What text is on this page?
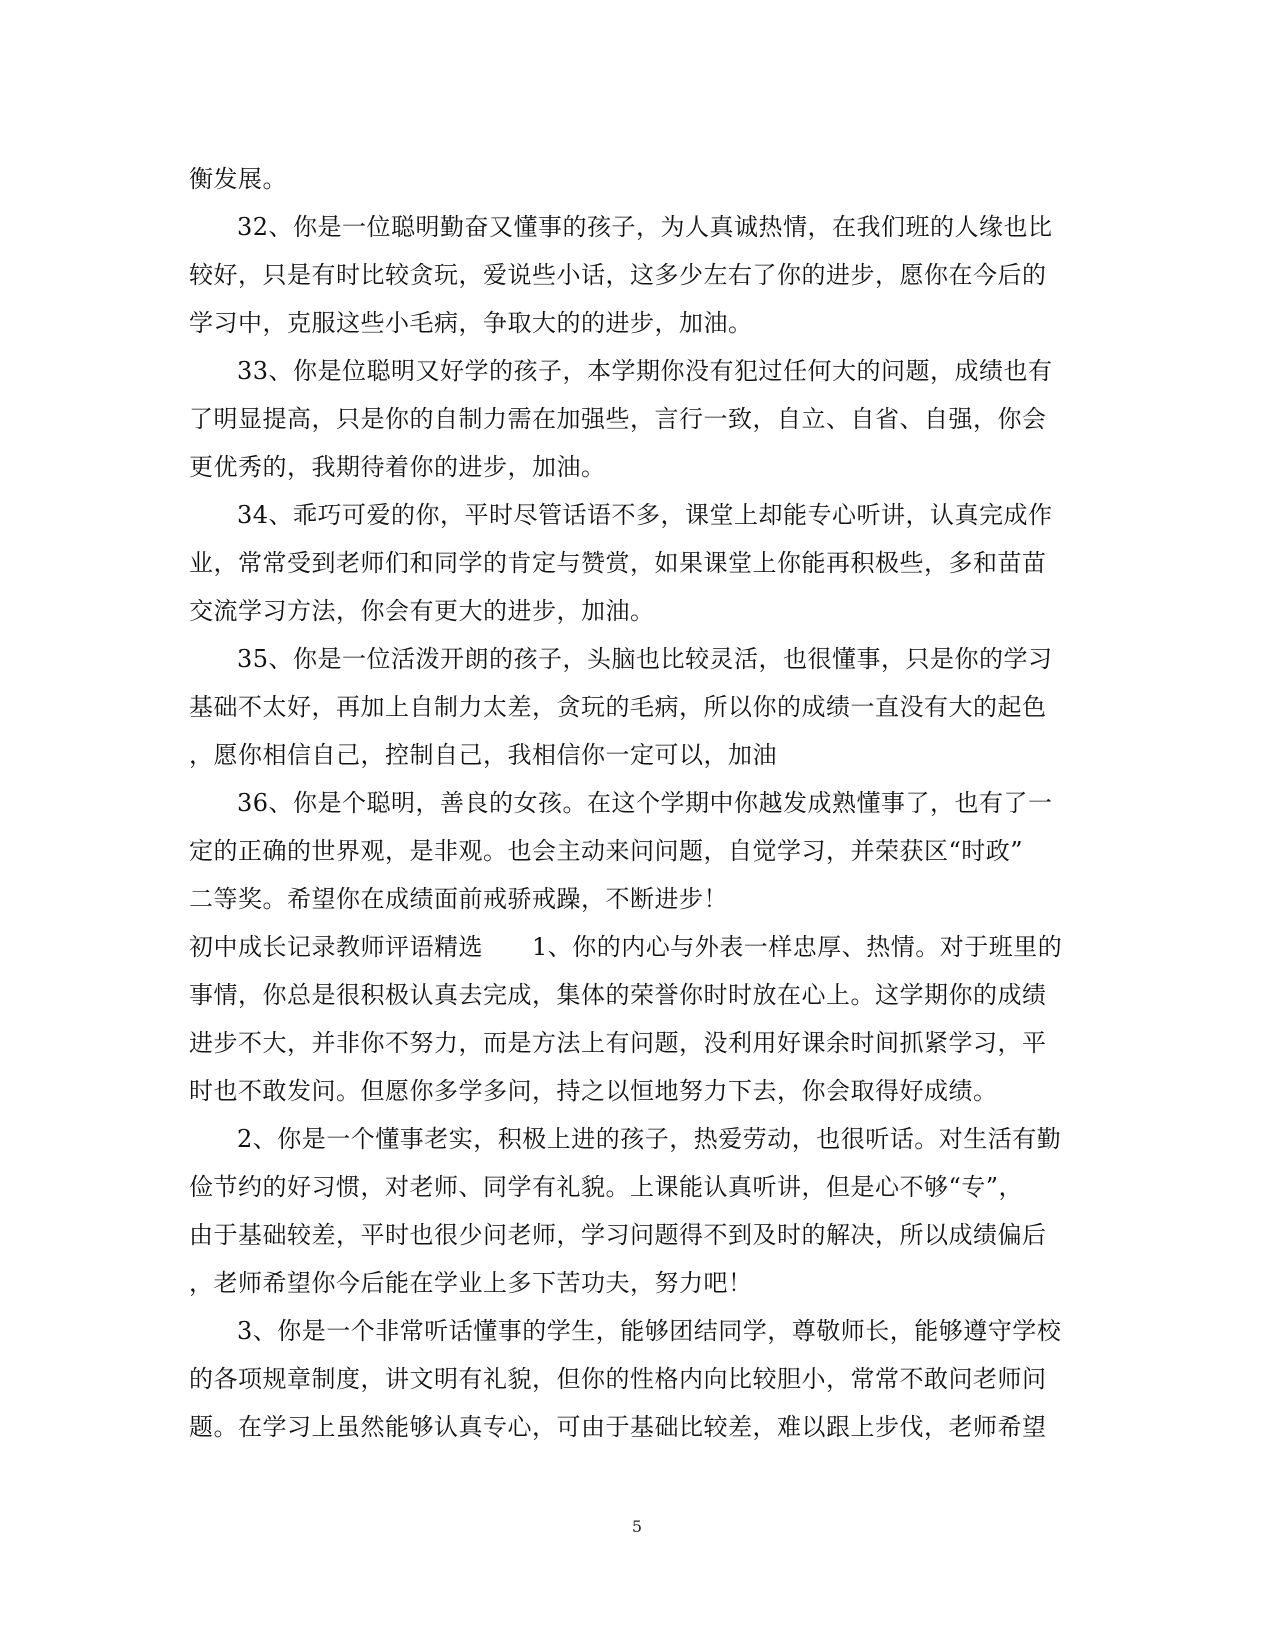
衡发展。
32、你是一位聪明勤奋又懂事的孩子，为人真诚热情，在我们班的人缘也比
较好，只是有时比较贪玩，爱说些小话，这多少左右了你的进步，愿你在今后的
学习中，克服这些小毛病，争取大的的进步，加油。
33、你是位聪明又好学的孩子，本学期你没有犯过任何大的问题，成绩也有
了明显提高，只是你的自制力需在加强些，言行一致，自立、自省、自强，你会
更优秀的，我期待着你的进步，加油。
34、乖巧可爱的你，平时尽管话语不多，课堂上却能专心听讲，认真完成作
业，常常受到老师们和同学的肯定与赞赏，如果课堂上你能再积极些，多和苗苗
交流学习方法，你会有更大的进步，加油。
35、你是一位活泼开朗的孩子，头脑也比较灵活，也很懂事，只是你的学习
基础不太好，再加上自制力太差，贪玩的毛病，所以你的成绩一直没有大的起色
，愿你相信自己，控制自己，我相信你一定可以，加油
36、你是个聪明，善良的女孩。在这个学期中你越发成熟懂事了，也有了一
定的正确的世界观，是非观。也会主动来问问题，自觉学习，并荣获区“时政”
二等奖。希望你在成绩面前戒骄戒躁，不断进步！
初中成长记录教师评语精选　　1、你的内心与外表一样忠厚、热情。对于班里的
事情，你总是很积极认真去完成，集体的荣誉你时时放在心上。这学期你的成绩
进步不大，并非你不努力，而是方法上有问题，没利用好课余时间抓紧学习，平
时也不敢发问。但愿你多学多问，持之以恒地努力下去，你会取得好成绩。
2、你是一个懂事老实，积极上进的孩子，热爱劳动，也很听话。对生活有勤
俭节约的好习惯，对老师、同学有礼貌。上课能认真听讲，但是心不够“专”，
由于基础较差，平时也很少问老师，学习问题得不到及时的解决，所以成绩偏后
，老师希望你今后能在学业上多下苦功夫，努力吧！
3、你是一个非常听话懂事的学生，能够团结同学，尊敬师长，能够遵守学校
的各项规章制度，讲文明有礼貌，但你的性格内向比较胆小，常常不敢问老师问
题。在学习上虽然能够认真专心，可由于基础比较差，难以跟上步伐，老师希望
5
